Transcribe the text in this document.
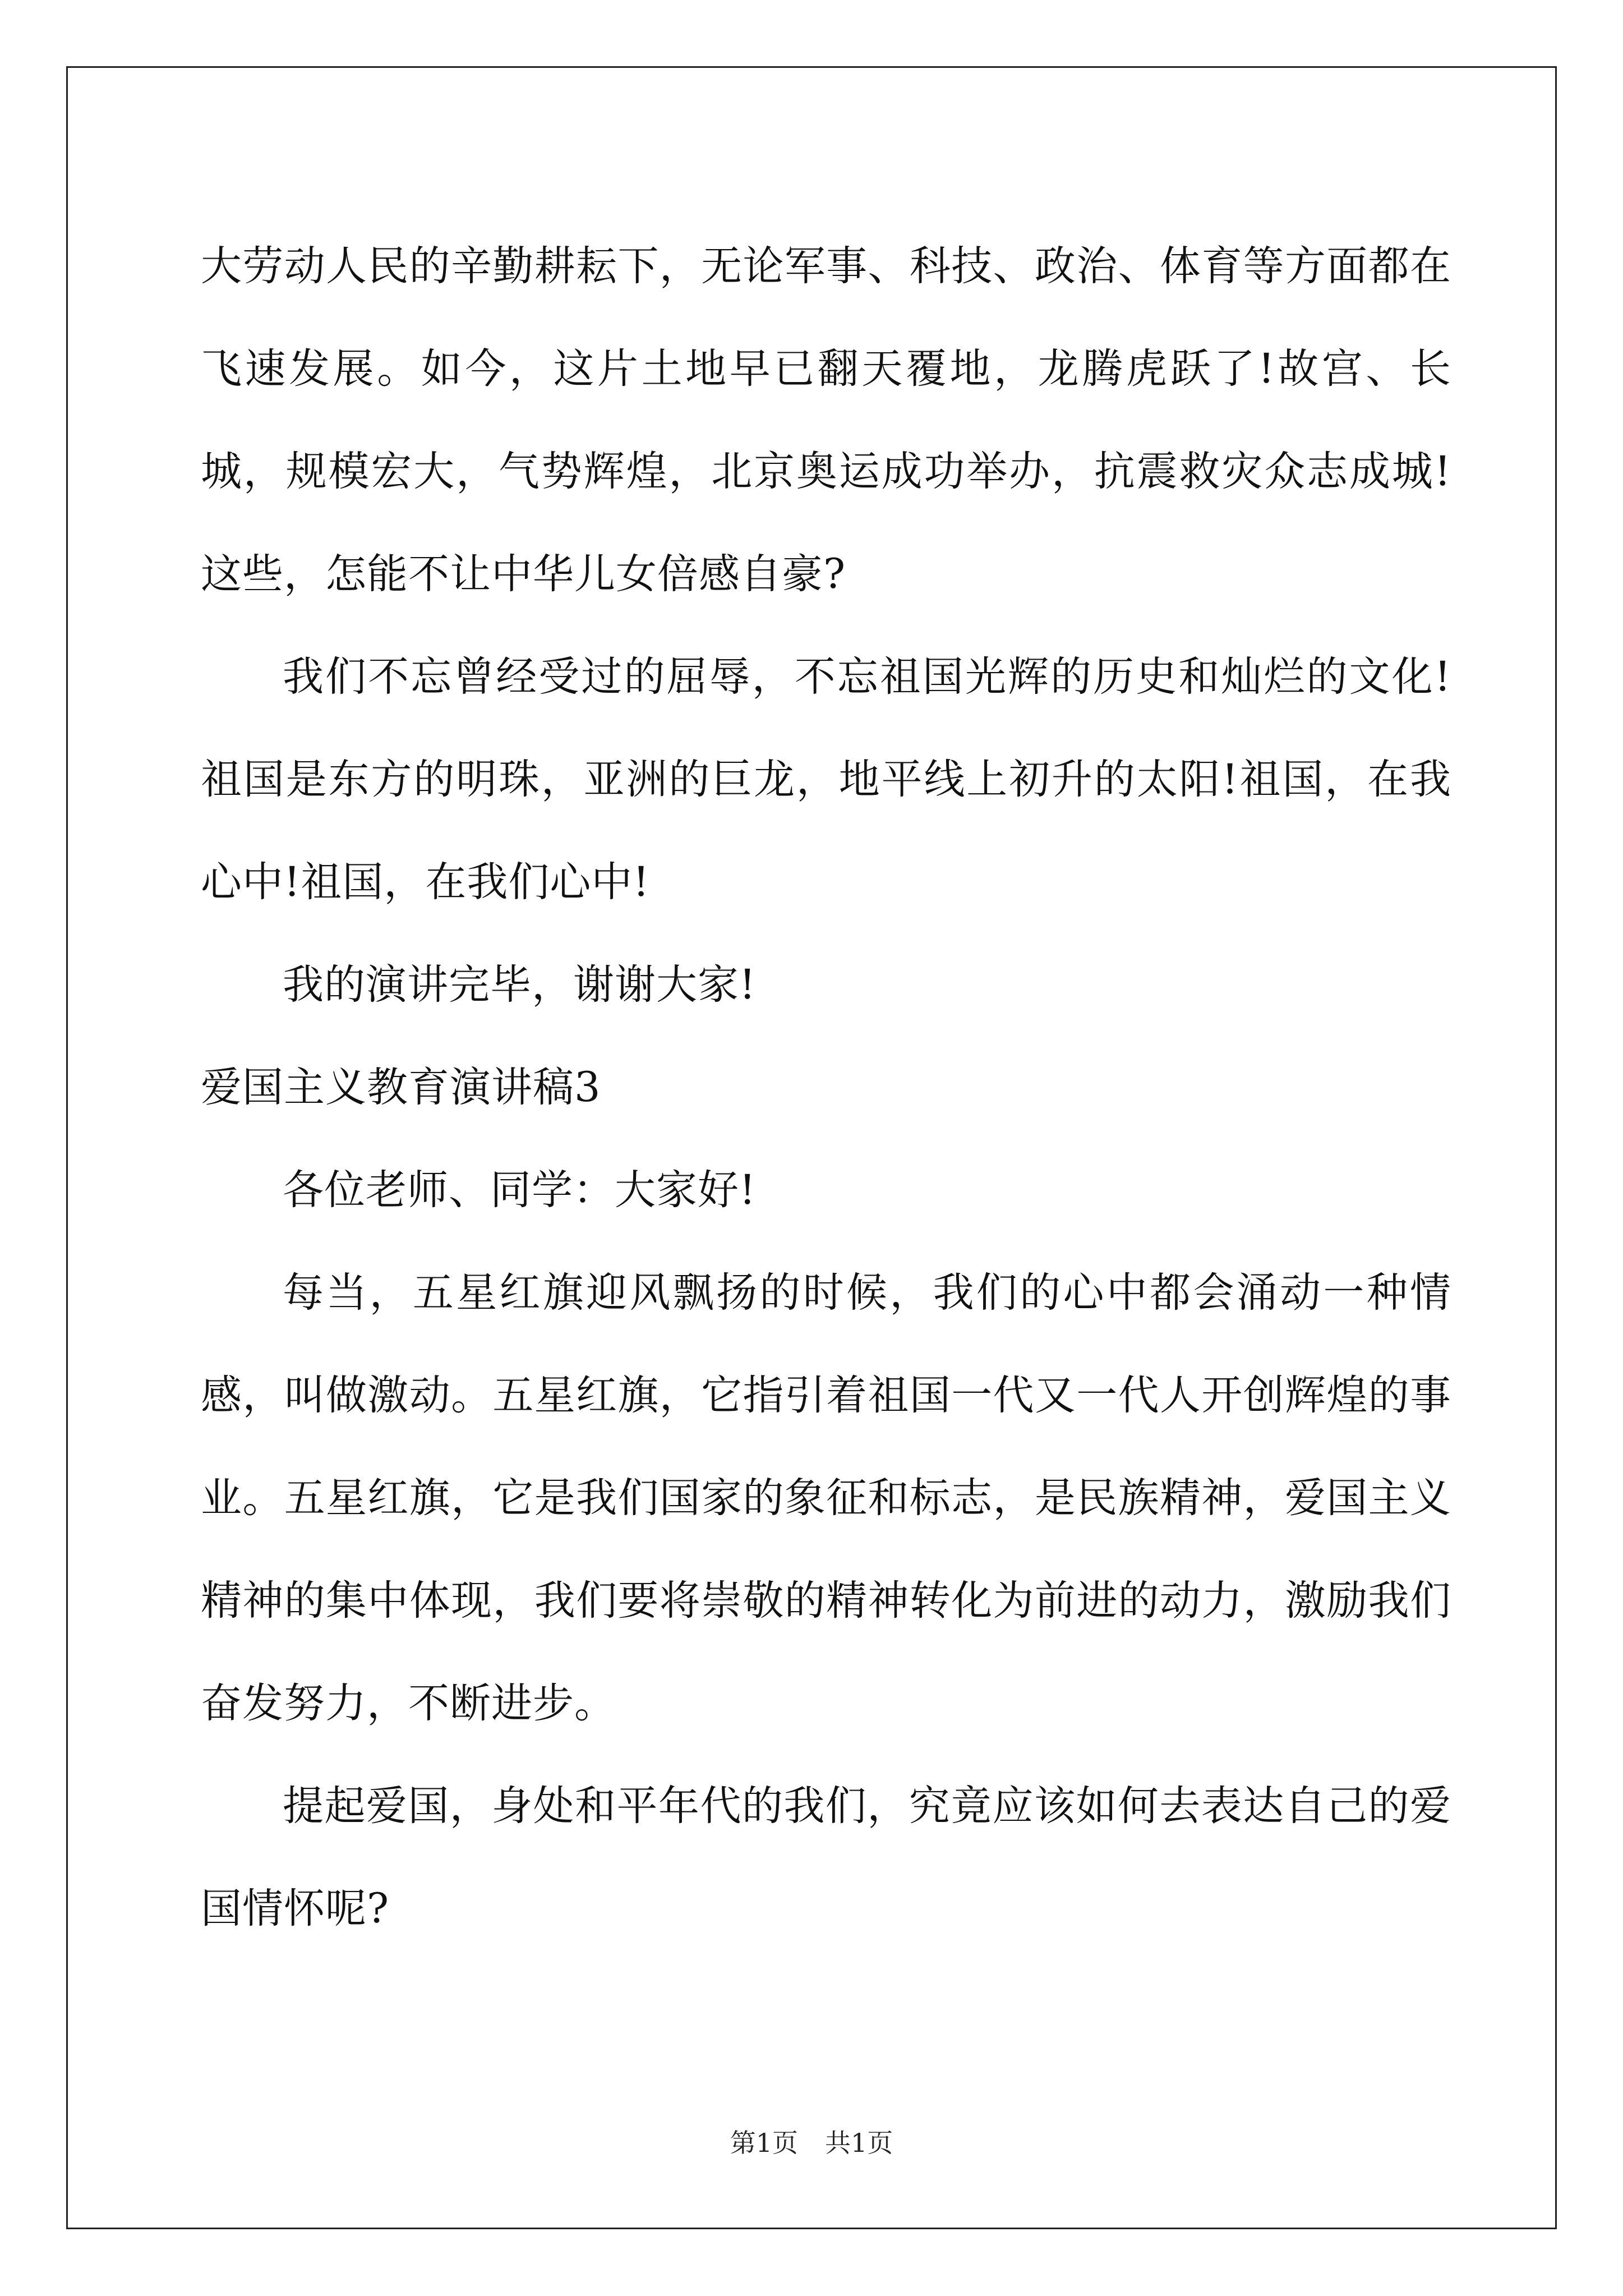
大劳动人民的辛勤耕耘下，无论军事、科技、政治、体育等方面都在飞速发展。如今，这片土地早已翻天覆地，龙腾虎跃了!故宫、长城，规模宏大，气势辉煌，北京奥运成功举办，抗震救灾众志成城!这些，怎能不让中华儿女倍感自豪?

我们不忘曾经受过的屈辱，不忘祖国光辉的历史和灿烂的文化!祖国是东方的明珠，亚洲的巨龙，地平线上初升的太阳!祖国，在我心中!祖国，在我们心中!

我的演讲完毕，谢谢大家!

爱国主义教育演讲稿3

各位老师、同学：大家好!

每当，五星红旗迎风飘扬的时候，我们的心中都会涌动一种情感，叫做激动。五星红旗，它指引着祖国一代又一代人开创辉煌的事业。五星红旗，它是我们国家的象征和标志，是民族精神，爱国主义精神的集中体现，我们要将崇敬的精神转化为前进的动力，激励我们奋发努力，不断进步。

提起爱国，身处和平年代的我们，究竟应该如何去表达自己的爱国情怀呢?

第1页 共1页
